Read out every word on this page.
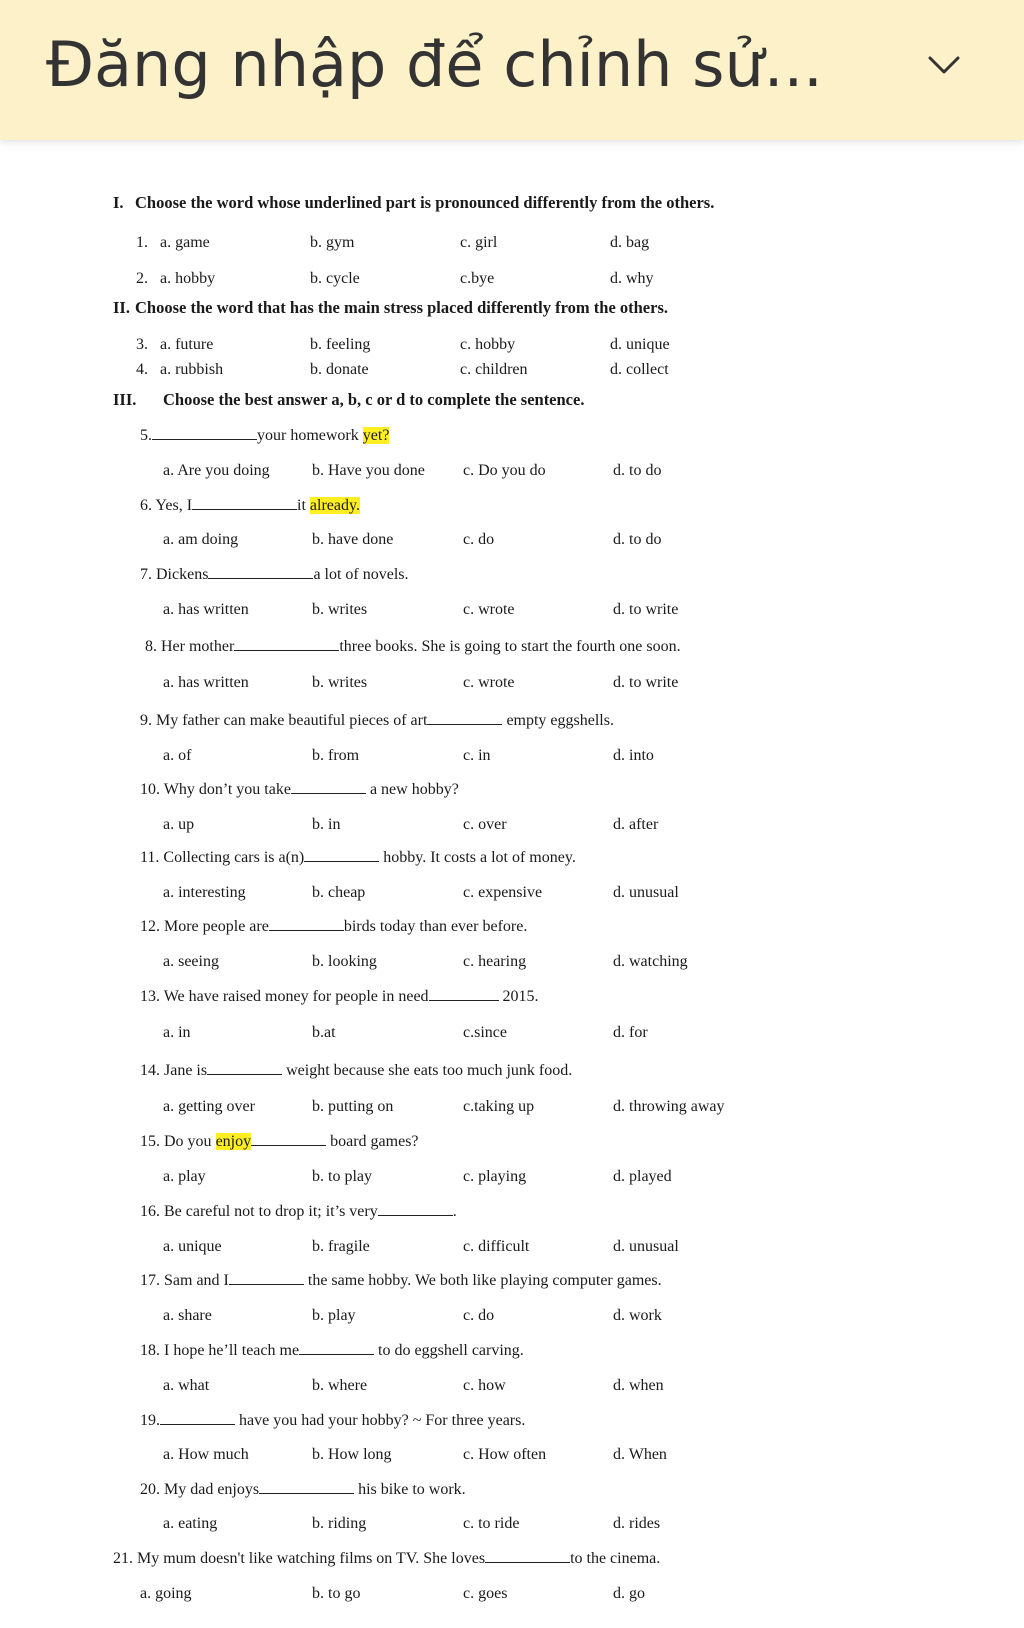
Đăng nhập để chỉnh sử...
I. Choose the word whose underlined part is pronounced differently from the others.
II. Choose the word that has the main stress placed differently from the others.
III. Choose the best answer a, b, c or d to complete the sentence.
1. a. game	b. gym	c. girl	d. bag
2. a. hobby	b. cycle	c.bye	d. why
3. a. future	b. feeling	c. hobby	d. unique
4. a. rubbish	b. donate	c. children	d. collect
5.	your homework yet?
a. Are you doing	b. Have you done c. Do you do	d. to do
6. Yes, I	it already.
a. am doing	b. have done	c. do	d. to do
7. Dickens	a lot of novels.
a. has written	b. writes	c. wrote	d. to write
8. Her mother	three books. She is going to start the fourth one soon.
a. has written	b. writes	c. wrote	d. to write
9. My father can make beautiful pieces of art	empty eggshells.
a. of	b. from	c. in	d. into
10. Why don’t you take	a new hobby?
a. up	b. in	c. over	d. after
11. Collecting cars is a(n)	hobby. It costs a lot of money.
a. interesting	b. cheap	c. expensive	d. unusual
12. More people are	birds today than ever before.
a. seeing	b. looking	c. hearing	d. watching
13. We have raised money for people in need	2015.
a. in	b.at	c.since	d. for
14. Jane is	weight because she eats too much junk food.
a. getting over	b. putting on	c.taking up	d. throwing away
15. Do you enjoy	board games?
a. play	b. to play	c. playing	d. played
16. Be careful not to drop it; it’s very	.
a. unique	b. fragile	c. difficult	d. unusual
17. Sam and I	the same hobby. We both like playing computer games.
a. share	b. play	c. do	d. work
18. I hope he’ll teach me	to do eggshell carving.
a. what	b. where	c. how	d. when
19.	have you had your hobby? ~ For three years.
a. How much	b. How long	c. How often	d. When
20. My dad enjoys	his bike to work.
a. eating	b. riding	c. to ride	d. rides
21. My mum doesn't like watching films on TV. She loves	to the cinema.
a. going	b. to go	c. goes	d. go
